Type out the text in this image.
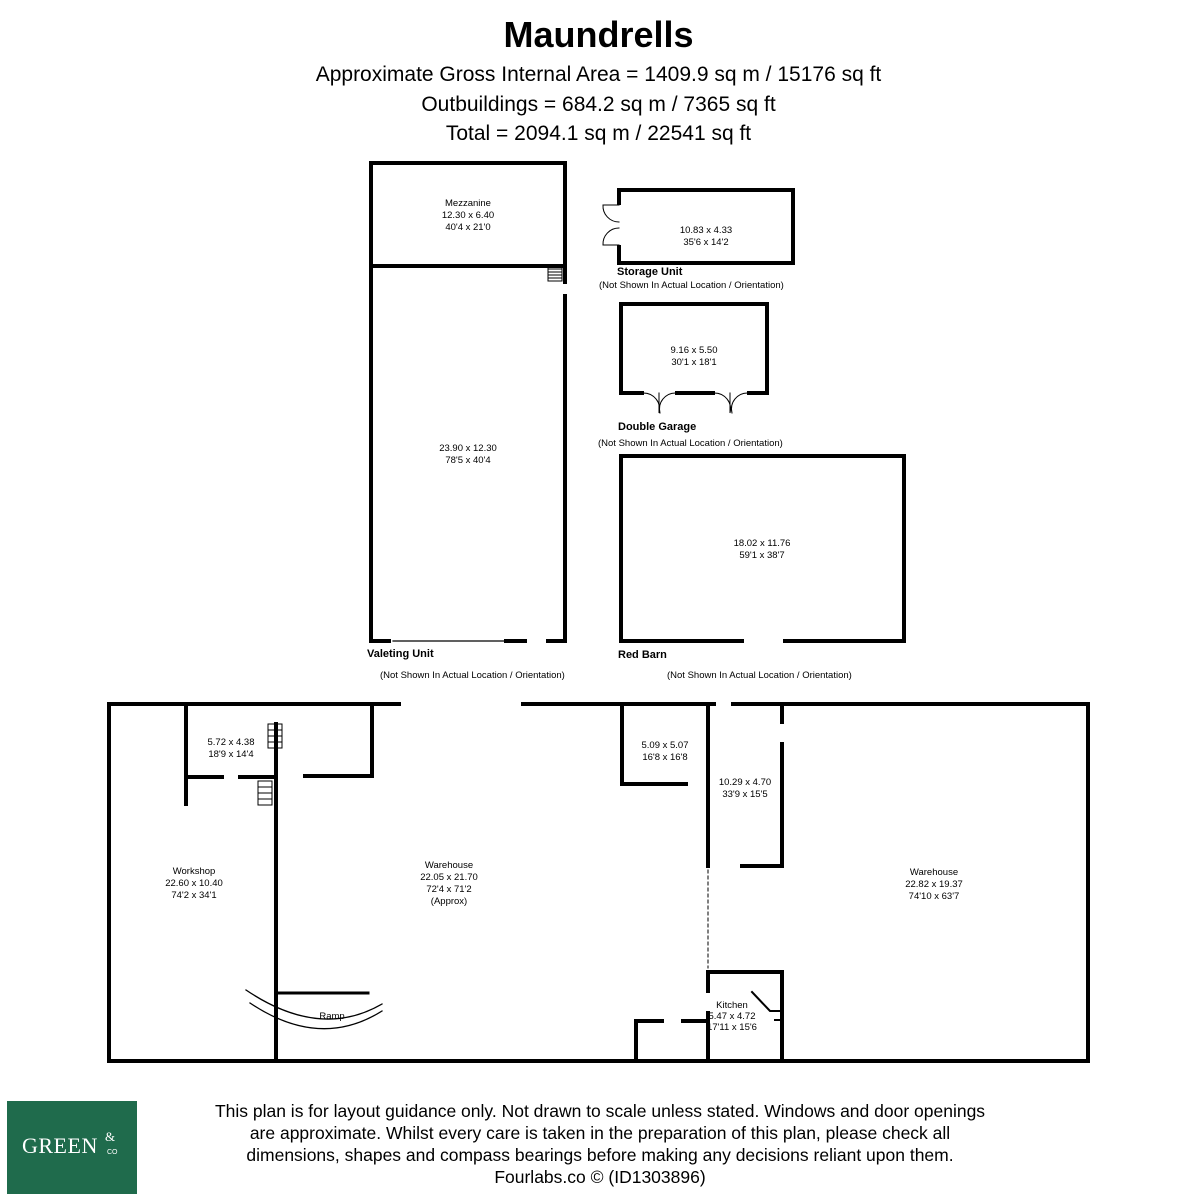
Maundrells
Approximate Gross Internal Area = 1409.9 sq m / 15176 sq ft
Outbuildings = 684.2 sq m / 7365 sq ft
Total = 2094.1 sq m / 22541 sq ft
Mezzanine
12.30 x 6.40
40'4 x 21'0	10.83 x 4.33
35'6 x 14'2
9.16 x 5.50
30'1 x 18'1
23.90 x 12.30
78'5 x 40'4
18.02 x 11.76
59'1 x 38'7
5.72 x 4.38
18'9 x 14'4
5.09 x 5.07
16'8 x 16'8
10.29 x 4.70
33'9 x 15'5
Workshop
22.60 x 10.40
74'2 x 34'1
Warehouse
22.05 x 21.70
72'4 x 71'2
(Approx)
Warehouse
22.82 x 19.37
74'10 x 63'7
Kitchen
5.47 x 4.72
17'11 x 15'6
Ramp
Storage Unit
Double Garage
Valeting Unit	Red Barn
(Not Shown In Actual Location / Orientation)
(Not Shown In Actual Location / Orientation)
(Not Shown In Actual Location / Orientation)	(Not Shown In Actual Location / Orientation)
GREEN &
CO
This plan is for layout guidance only. Not drawn to scale unless stated. Windows and door openings
are approximate. Whilst every care is taken in the preparation of this plan, please check all
dimensions, shapes and compass bearings before making any decisions reliant upon them.
Fourlabs.co © (ID1303896)
